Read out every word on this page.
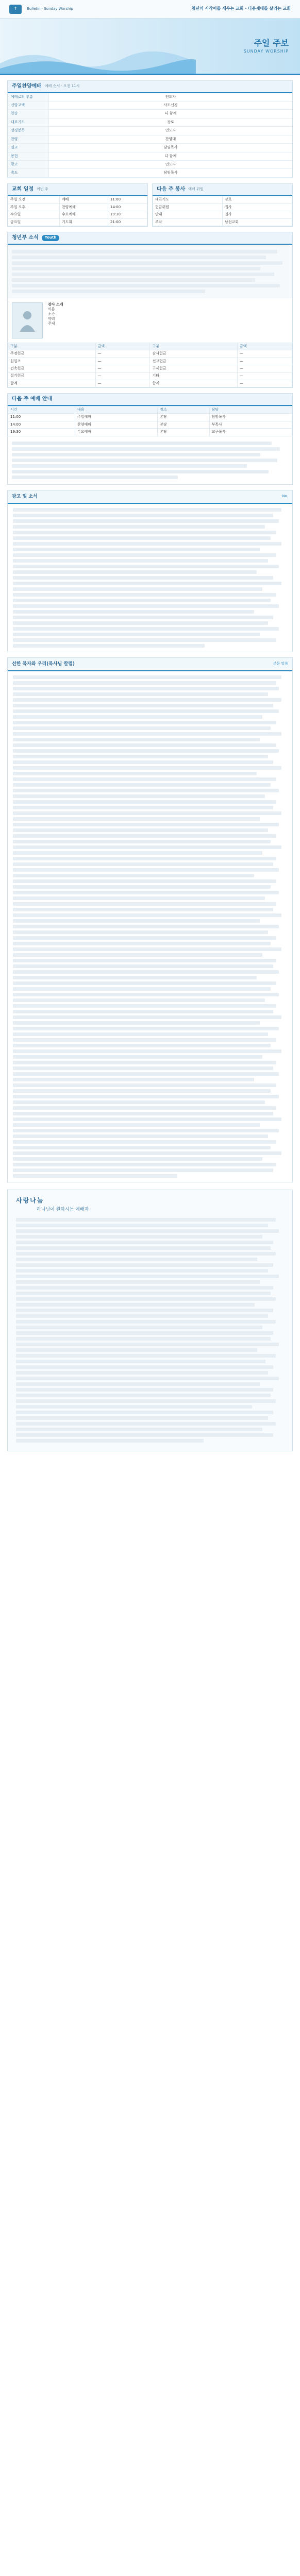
✝	Bulletin · Sunday Worship	청년의 시작이를 세우는 교회 · 다음세대를 살리는 교회
주일 주보
SUNDAY WORSHIP
주일찬양예배 예배 순서 · 오전 11시
예배로의 부름	인도자
신앙고백	사도신경
찬송	다 함께
대표기도	장로
성경봉독	인도자
찬양	찬양대
설교	담임목사
봉헌	다 함께
광고	인도자
축도	담임목사
교회 일정 이번 주
주일 오전	예배	11:00
주일 오후	찬양예배	14:00
수요일	수요예배	19:30
금요일	기도회	21:00
다음 주 봉사 예배 위원
대표기도	장로
헌금위원	집사
안내	권사
주차	남선교회
청년부 소식	Youth
강사 소개
이름
소속
약력
주제
구분	금액	구분	금액
주정헌금	—	감사헌금	—
십일조	—	선교헌금	—
건축헌금	—	구제헌금	—
절기헌금	—	기타	—
합계	—	합계	—
다음 주 예배 안내
시간	내용	장소	담당
11:00	주일예배	본당	담임목사
14:00	찬양예배	본당	부목사
19:30	수요예배	본당	교구목사
광고 및 소식	No.
선한 목자와 우리(목사님 칼럼)	본문 말씀
사랑나눔
하나님이 원하시는 예배자
